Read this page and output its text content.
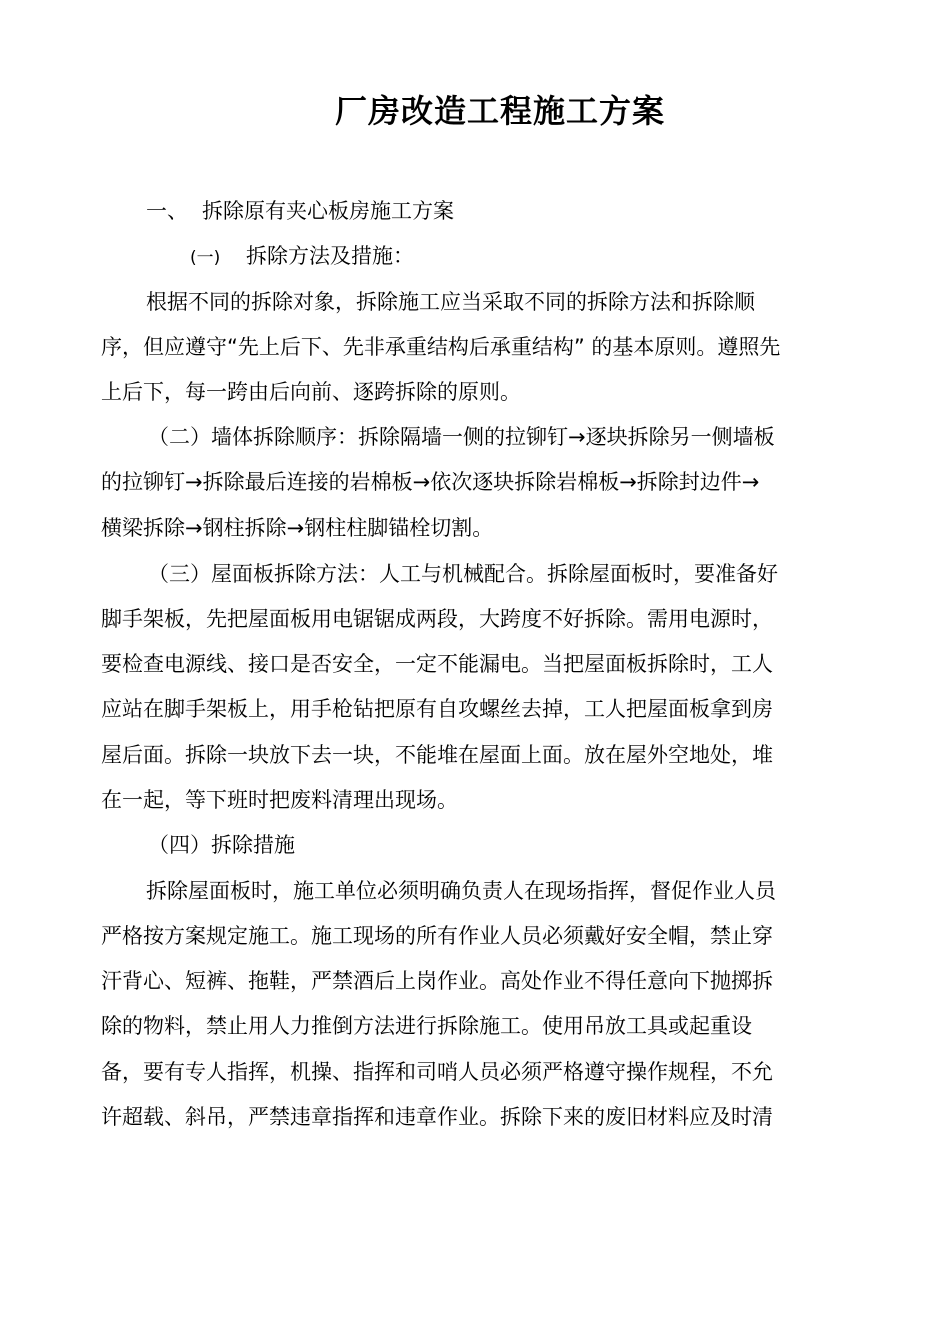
厂房改造工程施工方案
一、 拆除原有夹心板房施工方案
(一) 拆除方法及措施：
根据不同的拆除对象，拆除施工应当采取不同的拆除方法和拆除顺
序，但应遵守“先上后下、先非承重结构后承重结构” 的基本原则。遵照先
上后下，每一跨由后向前、逐跨拆除的原则。
（二）墙体拆除顺序：拆除隔墙一侧的拉铆钉→逐块拆除另一侧墙板
的拉铆钉→拆除最后连接的岩棉板→依次逐块拆除岩棉板→拆除封边件→
横梁拆除→钢柱拆除→钢柱柱脚锚栓切割。
（三）屋面板拆除方法：人工与机械配合。拆除屋面板时，要准备好
脚手架板，先把屋面板用电锯锯成两段，大跨度不好拆除。需用电源时，
要检查电源线、接口是否安全，一定不能漏电。当把屋面板拆除时，工人
应站在脚手架板上，用手枪钻把原有自攻螺丝去掉，工人把屋面板拿到房
屋后面。拆除一块放下去一块，不能堆在屋面上面。放在屋外空地处，堆
在一起，等下班时把废料清理出现场。
（四）拆除措施
拆除屋面板时，施工单位必须明确负责人在现场指挥，督促作业人员
严格按方案规定施工。施工现场的所有作业人员必须戴好安全帽，禁止穿
汗背心、短裤、拖鞋，严禁酒后上岗作业。高处作业不得任意向下抛掷拆
除的物料，禁止用人力推倒方法进行拆除施工。使用吊放工具或起重设
备，要有专人指挥，机操、指挥和司哨人员必须严格遵守操作规程，不允
许超载、斜吊，严禁违章指挥和违章作业。拆除下来的废旧材料应及时清
